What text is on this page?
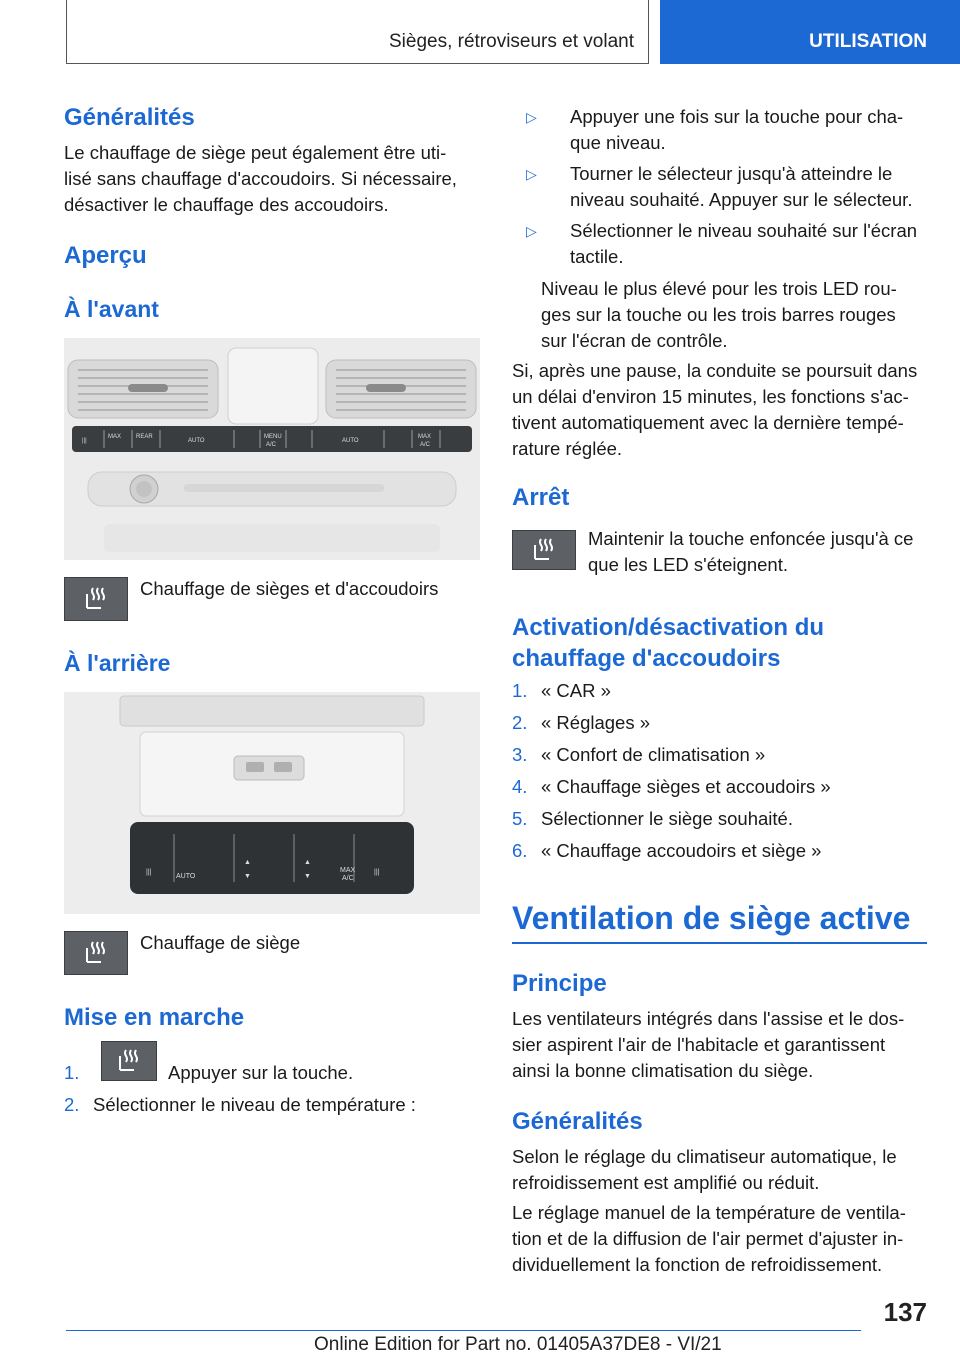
Sièges, rétroviseurs et volant	UTILISATION
Généralités
Le chauffage de siège peut également être uti-
lisé sans chauffage d'accoudoirs. Si nécessaire,
désactiver le chauffage des accoudoirs.
Aperçu
À l'avant
|||
MAX REAR
AUTO
MENU
A/C
AUTO
MAX
A/C
Chauffage de sièges et d'accoudoirs
À l'arrière
|||
AUTO
▲
▼
▲
▼
MAX
A/C
|||
Chauffage de siège
Mise en marche
1.	Appuyer sur la touche.
2. Sélectionner le niveau de température :
▷ Appuyer une fois sur la touche pour cha-
que niveau.
▷ Tourner le sélecteur jusqu'à atteindre le
niveau souhaité. Appuyer sur le sélecteur.
▷ Sélectionner le niveau souhaité sur l'écran
tactile.
Niveau le plus élevé pour les trois LED rou-
ges sur la touche ou les trois barres rouges
sur l'écran de contrôle.
Si, après une pause, la conduite se poursuit dans
un délai d'environ 15 minutes, les fonctions s'ac-
tivent automatiquement avec la dernière tempé-
rature réglée.
Arrêt
Maintenir la touche enfoncée jusqu'à ce
que les LED s'éteignent.
Activation/désactivation du
chauffage d'accoudoirs
1. « CAR »
2. « Réglages »
3. « Confort de climatisation »
4. « Chauffage sièges et accoudoirs »
5. Sélectionner le siège souhaité.
6. « Chauffage accoudoirs et siège »
Ventilation de siège active
Principe
Les ventilateurs intégrés dans l'assise et le dos-
sier aspirent l'air de l'habitacle et garantissent
ainsi la bonne climatisation du siège.
Généralités
Selon le réglage du climatiseur automatique, le
refroidissement est amplifié ou réduit.
Le réglage manuel de la température de ventila-
tion et de la diffusion de l'air permet d'ajuster in-
dividuellement la fonction de refroidissement.
137
Online Edition for Part no. 01405A37DE8 - VI/21
